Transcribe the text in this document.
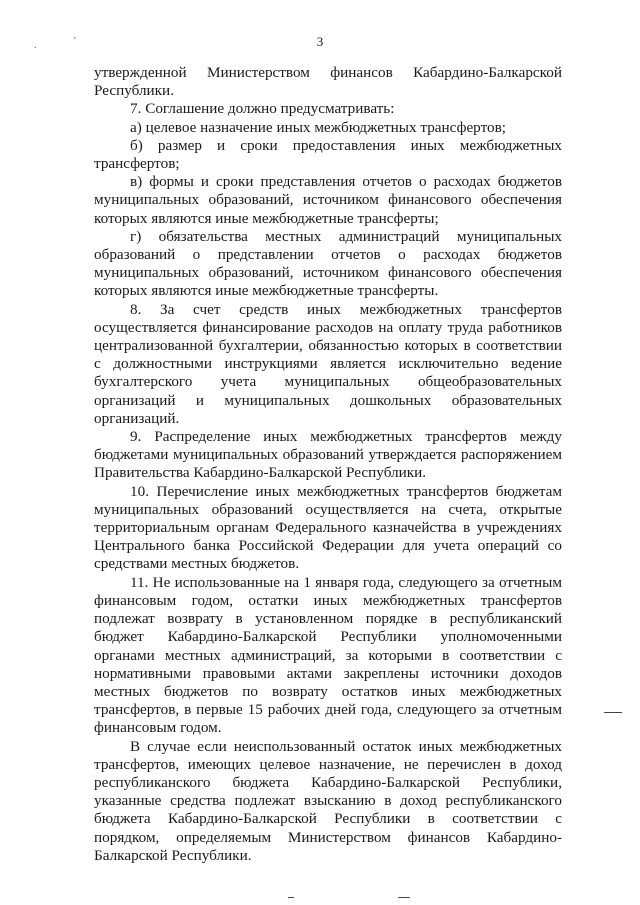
.	'	3

утвержденной Министерством финансов Кабардино-Балкарской Республики.

7. Соглашение должно предусматривать:

а) целевое назначение иных межбюджетных трансфертов;

б) размер и сроки предоставления иных межбюджетных трансфертов;

в) формы и сроки представления отчетов о расходах бюджетов муниципальных образований, источником финансового обеспечения которых являются иные межбюджетные трансферты;

г) обязательства местных администраций муниципальных образований о представлении отчетов о расходах бюджетов муниципальных образований, источником финансового обеспечения которых являются иные межбюджетные трансферты.

8. За счет средств иных межбюджетных трансфертов осуществляется финансирование расходов на оплату труда работников централизованной бухгалтерии, обязанностью которых в соответствии с должностными инструкциями является исключительно ведение бухгалтерского учета муниципальных общеобразовательных организаций и муниципальных дошкольных образовательных организаций.

9. Распределение иных межбюджетных трансфертов между бюджетами муниципальных образований утверждается распоряжением Правительства Кабардино-Балкарской Республики.

10. Перечисление иных межбюджетных трансфертов бюджетам муниципальных образований осуществляется на счета, открытые территориальным органам Федерального казначейства в учреждениях Центрального банка Российской Федерации для учета операций со средствами местных бюджетов.

11. Не использованные на 1 января года, следующего за отчетным финансовым годом, остатки иных межбюджетных трансфертов подлежат возврату в установленном порядке в республиканский бюджет Кабардино-Балкарской Республики уполномоченными органами местных администраций, за которыми в соответствии с нормативными правовыми актами закреплены источники доходов местных бюджетов по возврату остатков иных межбюджетных трансфертов, в первые 15 рабочих дней года, следующего за отчетным финансовым годом.

В случае если неиспользованный остаток иных межбюджетных трансфертов, имеющих целевое назначение, не перечислен в доход республиканского бюджета Кабардино-Балкарской Республики, указанные средства подлежат взысканию в доход республиканского бюджета Кабардино-Балкарской Республики в соответствии с порядком, определяемым Министерством финансов Кабардино-Балкарской Республики.
